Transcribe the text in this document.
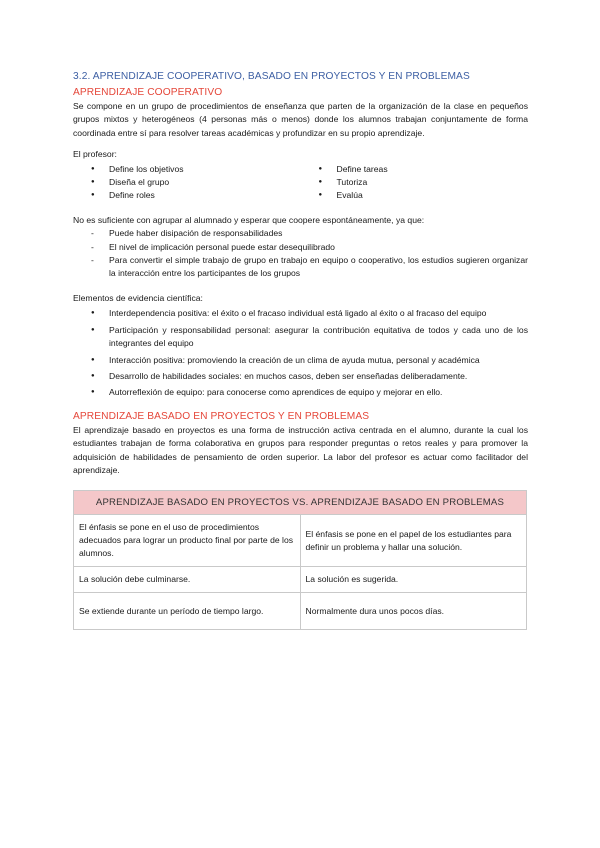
3.2. APRENDIZAJE COOPERATIVO, BASADO EN PROYECTOS Y EN PROBLEMAS
APRENDIZAJE COOPERATIVO

Se compone en un grupo de procedimientos de enseñanza que parten de la organización de la clase en pequeños grupos mixtos y heterogéneos (4 personas más o menos) donde los alumnos trabajan conjuntamente de forma coordinada entre sí para resolver tareas académicas y profundizar en su propio aprendizaje.

El profesor:

● Define los objetivos
● Diseña el grupo
● Define roles
● Define tareas
● Tutoriza
● Evalúa

No es suficiente con agrupar al alumnado y esperar que coopere espontáneamente, ya que:

- Puede haber disipación de responsabilidades
- El nivel de implicación personal puede estar desequilibrado
- Para convertir el simple trabajo de grupo en trabajo en equipo o cooperativo, los estudios sugieren organizar la interacción entre los participantes de los grupos

Elementos de evidencia científica:

● Interdependencia positiva: el éxito o el fracaso individual está ligado al éxito o al fracaso del equipo
● Participación y responsabilidad personal: asegurar la contribución equitativa de todos y cada uno de los integrantes del equipo
● Interacción positiva: promoviendo la creación de un clima de ayuda mutua, personal y académica
● Desarrollo de habilidades sociales: en muchos casos, deben ser enseñadas deliberadamente.
● Autorreflexión de equipo: para conocerse como aprendices de equipo y mejorar en ello.
APRENDIZAJE BASADO EN PROYECTOS Y EN PROBLEMAS

El aprendizaje basado en proyectos es una forma de instrucción activa centrada en el alumno, durante la cual los estudiantes trabajan de forma colaborativa en grupos para responder preguntas o retos reales y para promover la adquisición de habilidades de pensamiento de orden superior. La labor del profesor es actuar como facilitador del aprendizaje.

APRENDIZAJE BASADO EN PROYECTOS VS. APRENDIZAJE BASADO EN PROBLEMAS	
El énfasis se pone en el uso de procedimientos adecuados para lograr un producto final por parte de los alumnos.	El énfasis se pone en el papel de los estudiantes para definir un problema y hallar una solución.
La solución debe culminarse.	La solución es sugerida.
Se extiende durante un período de tiempo largo.	Normalmente dura unos pocos días.
